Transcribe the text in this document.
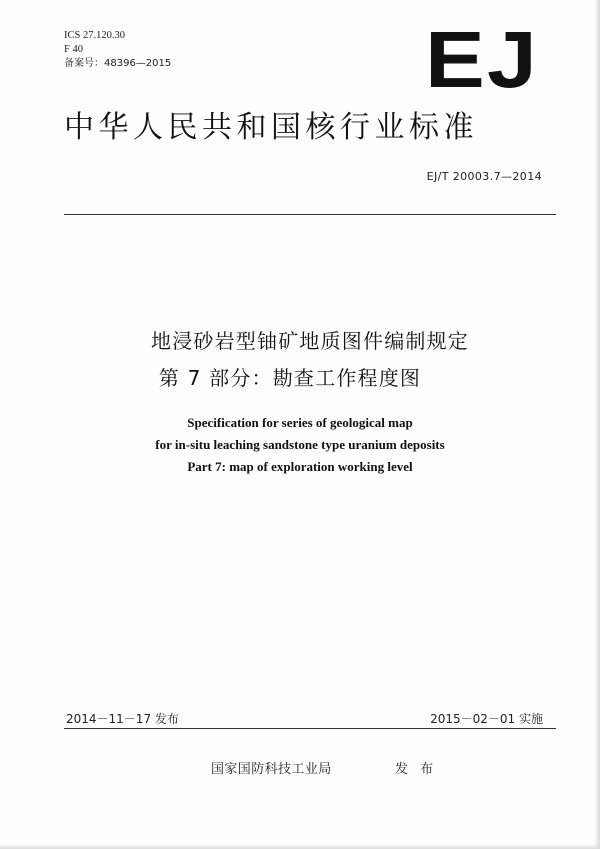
ICS 27.120.30
F 40
备案号：48396—2015	EJ
中华人民共和国核行业标准
EJ/T 20003.7—2014
地浸砂岩型铀矿地质图件编制规定
第 7 部分：勘查工作程度图
Specification for series of geological map
for in-situ leaching sandstone type uranium deposits
Part 7: map of exploration working level
2014－11－17 发布	2015－02－01 实施
国家国防科技工业局	发 布
